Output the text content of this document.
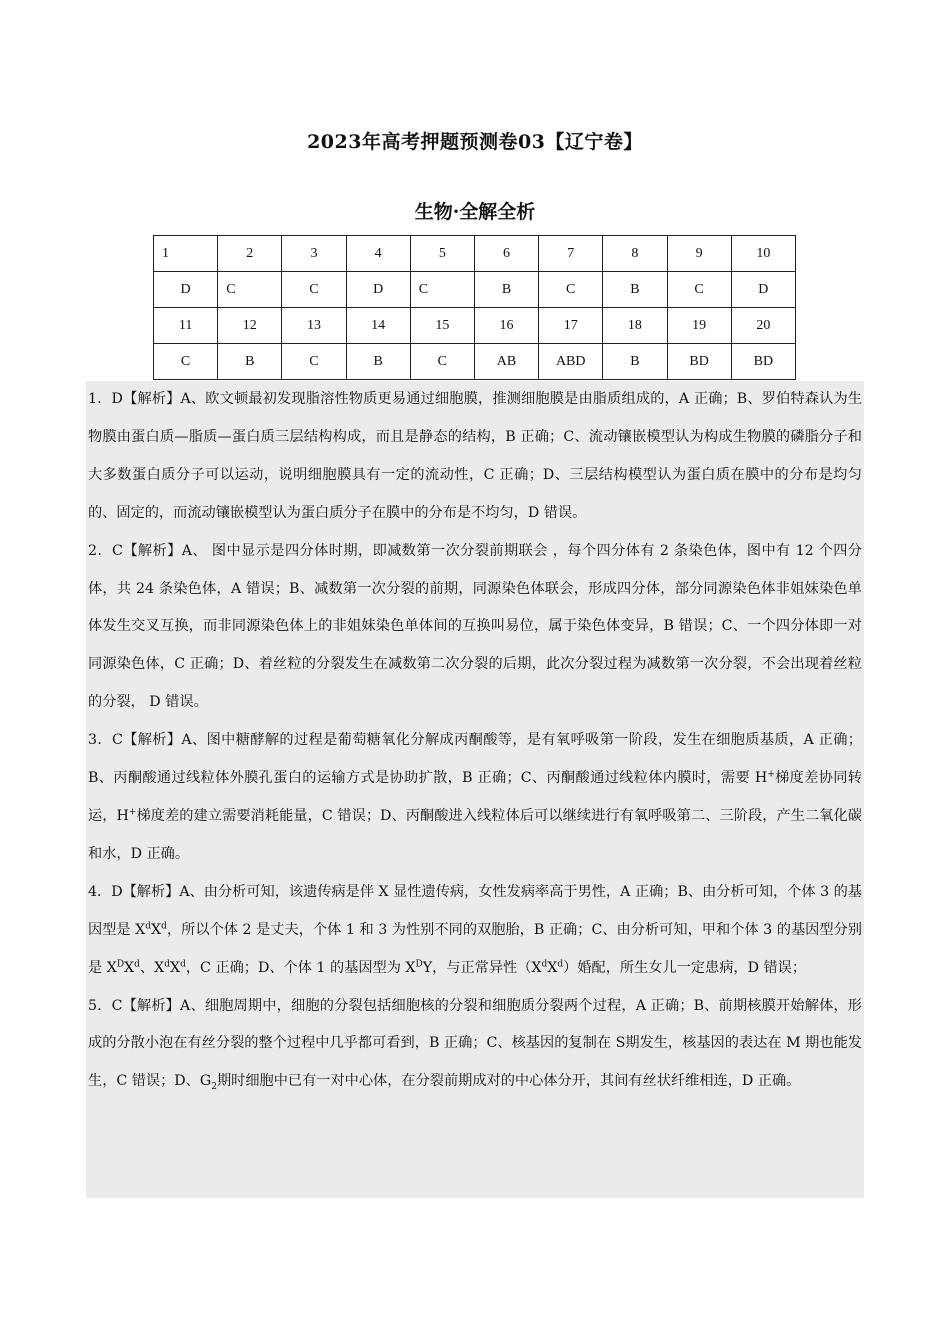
2023年高考押题预测卷03【辽宁卷】
生物·全解全析
1	2	3	4	5	6	7	8	9	10
D	C	C	D	C	B	C	B	C	D
11	12	13	14	15	16	17	18	19	20
C	B	C	B	C	AB	ABD	B	BD	BD

1．D【解析】A、欧文顿最初发现脂溶性物质更易通过细胞膜，推测细胞膜是由脂质组成的，A 正确；B、罗伯特森认为生物膜由蛋白质—脂质—蛋白质三层结构构成，而且是静态的结构，B 正确；C、流动镶嵌模型认为构成生物膜的磷脂分子和大多数蛋白质分子可以运动，说明细胞膜具有一定的流动性，C 正确；D、三层结构模型认为蛋白质在膜中的分布是均匀的、固定的，而流动镶嵌模型认为蛋白质分子在膜中的分布是不均匀，D 错误。

2．C【解析】A、 图中显示是四分体时期，即减数第一次分裂前期联会 ，每个四分体有 2 条染色体，图中有 12 个四分体，共 24 条染色体，A 错误；B、减数第一次分裂的前期，同源染色体联会，形成四分体，部分同源染色体非姐妹染色单体发生交叉互换，而非同源染色体上的非姐妹染色单体间的互换叫易位，属于染色体变异，B 错误；C、一个四分体即一对同源染色体，C 正确；D、着丝粒的分裂发生在减数第二次分裂的后期，此次分裂过程为减数第一次分裂，不会出现着丝粒的分裂， D 错误。

3．C【解析】A、图中糖酵解的过程是葡萄糖氧化分解成丙酮酸等，是有氧呼吸第一阶段，发生在细胞质基质，A 正确；B、丙酮酸通过线粒体外膜孔蛋白的运输方式是协助扩散，B 正确；C、丙酮酸通过线粒体内膜时，需要 H+梯度差协同转运，H+梯度差的建立需要消耗能量，C 错误；D、丙酮酸进入线粒体后可以继续进行有氧呼吸第二、三阶段，产生二氧化碳和水，D 正确。

4．D【解析】A、由分析可知，该遗传病是伴 X 显性遗传病，女性发病率高于男性，A 正确；B、由分析可知，个体 3 的基因型是 $X^dX^d$，所以个体 2 是丈夫，个体 1 和 3 为性别不同的双胞胎，B 正确；C、由分析可知，甲和个体 3 的基因型分别是 $X^DX^d$、$X^dX^d$，C 正确；D、个体 1 的基因型为 $X^DY$，与正常异性$(X^dX^d)$婚配，所生女儿一定患病，D 错误；

5．C【解析】A、细胞周期中，细胞的分裂包括细胞核的分裂和细胞质分裂两个过程，A 正确；B、前期核膜开始解体，形成的分散小泡在有丝分裂的整个过程中几乎都可看到，B 正确；C、核基因的复制在 S期发生，核基因的表达在 M 期也能发生，C 错误；D、$G_2$期时细胞中已有一对中心体，在分裂前期成对的中心体分开，其间有丝状纤维相连，D 正确。
